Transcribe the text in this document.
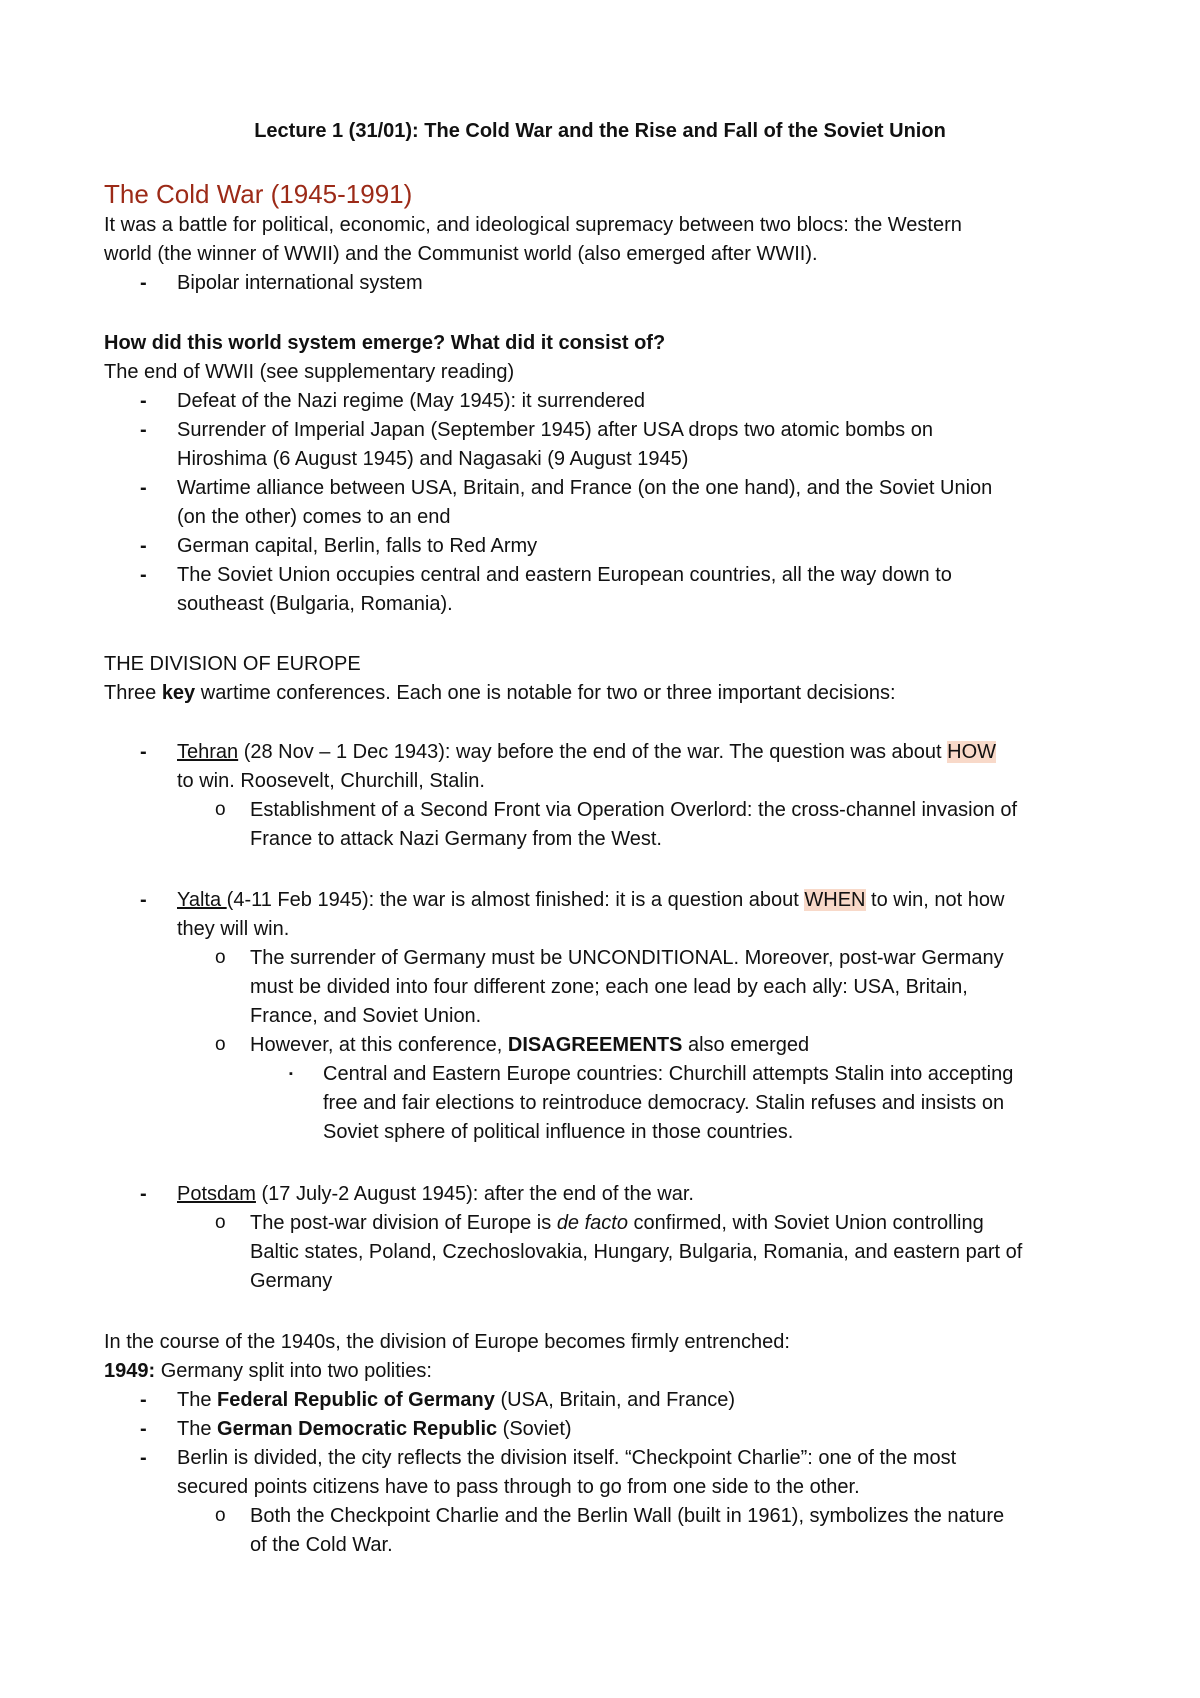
Lecture 1 (31/01): The Cold War and the Rise and Fall of the Soviet Union
The Cold War (1945-1991)
It was a battle for political, economic, and ideological supremacy between two blocs: the Western
world (the winner of WWII) and the Communist world (also emerged after WWII).
- Bipolar international system
How did this world system emerge? What did it consist of?
The end of WWII (see supplementary reading)
- Defeat of the Nazi regime (May 1945): it surrendered
- Surrender of Imperial Japan (September 1945) after USA drops two atomic bombs on
Hiroshima (6 August 1945) and Nagasaki (9 August 1945)
- Wartime alliance between USA, Britain, and France (on the one hand), and the Soviet Union
(on the other) comes to an end
- German capital, Berlin, falls to Red Army
- The Soviet Union occupies central and eastern European countries, all the way down to
southeast (Bulgaria, Romania).
THE DIVISION OF EUROPE
Three key wartime conferences. Each one is notable for two or three important decisions:
- Tehran (28 Nov – 1 Dec 1943): way before the end of the war. The question was about HOW
to win. Roosevelt, Churchill, Stalin.
o Establishment of a Second Front via Operation Overlord: the cross-channel invasion of
France to attack Nazi Germany from the West.
- Yalta (4-11 Feb 1945): the war is almost finished: it is a question about WHEN to win, not how
they will win.
o The surrender of Germany must be UNCONDITIONAL. Moreover, post-war Germany
must be divided into four different zone; each one lead by each ally: USA, Britain,
France, and Soviet Union.
o However, at this conference, DISAGREEMENTS also emerged
▪ Central and Eastern Europe countries: Churchill attempts Stalin into accepting
free and fair elections to reintroduce democracy. Stalin refuses and insists on
Soviet sphere of political influence in those countries.
- Potsdam (17 July-2 August 1945): after the end of the war.
o The post-war division of Europe is de facto confirmed, with Soviet Union controlling
Baltic states, Poland, Czechoslovakia, Hungary, Bulgaria, Romania, and eastern part of
Germany
In the course of the 1940s, the division of Europe becomes firmly entrenched:
1949: Germany split into two polities:
- The Federal Republic of Germany (USA, Britain, and France)
- The German Democratic Republic (Soviet)
- Berlin is divided, the city reflects the division itself. “Checkpoint Charlie”: one of the most
secured points citizens have to pass through to go from one side to the other.
o Both the Checkpoint Charlie and the Berlin Wall (built in 1961), symbolizes the nature
of the Cold War.
